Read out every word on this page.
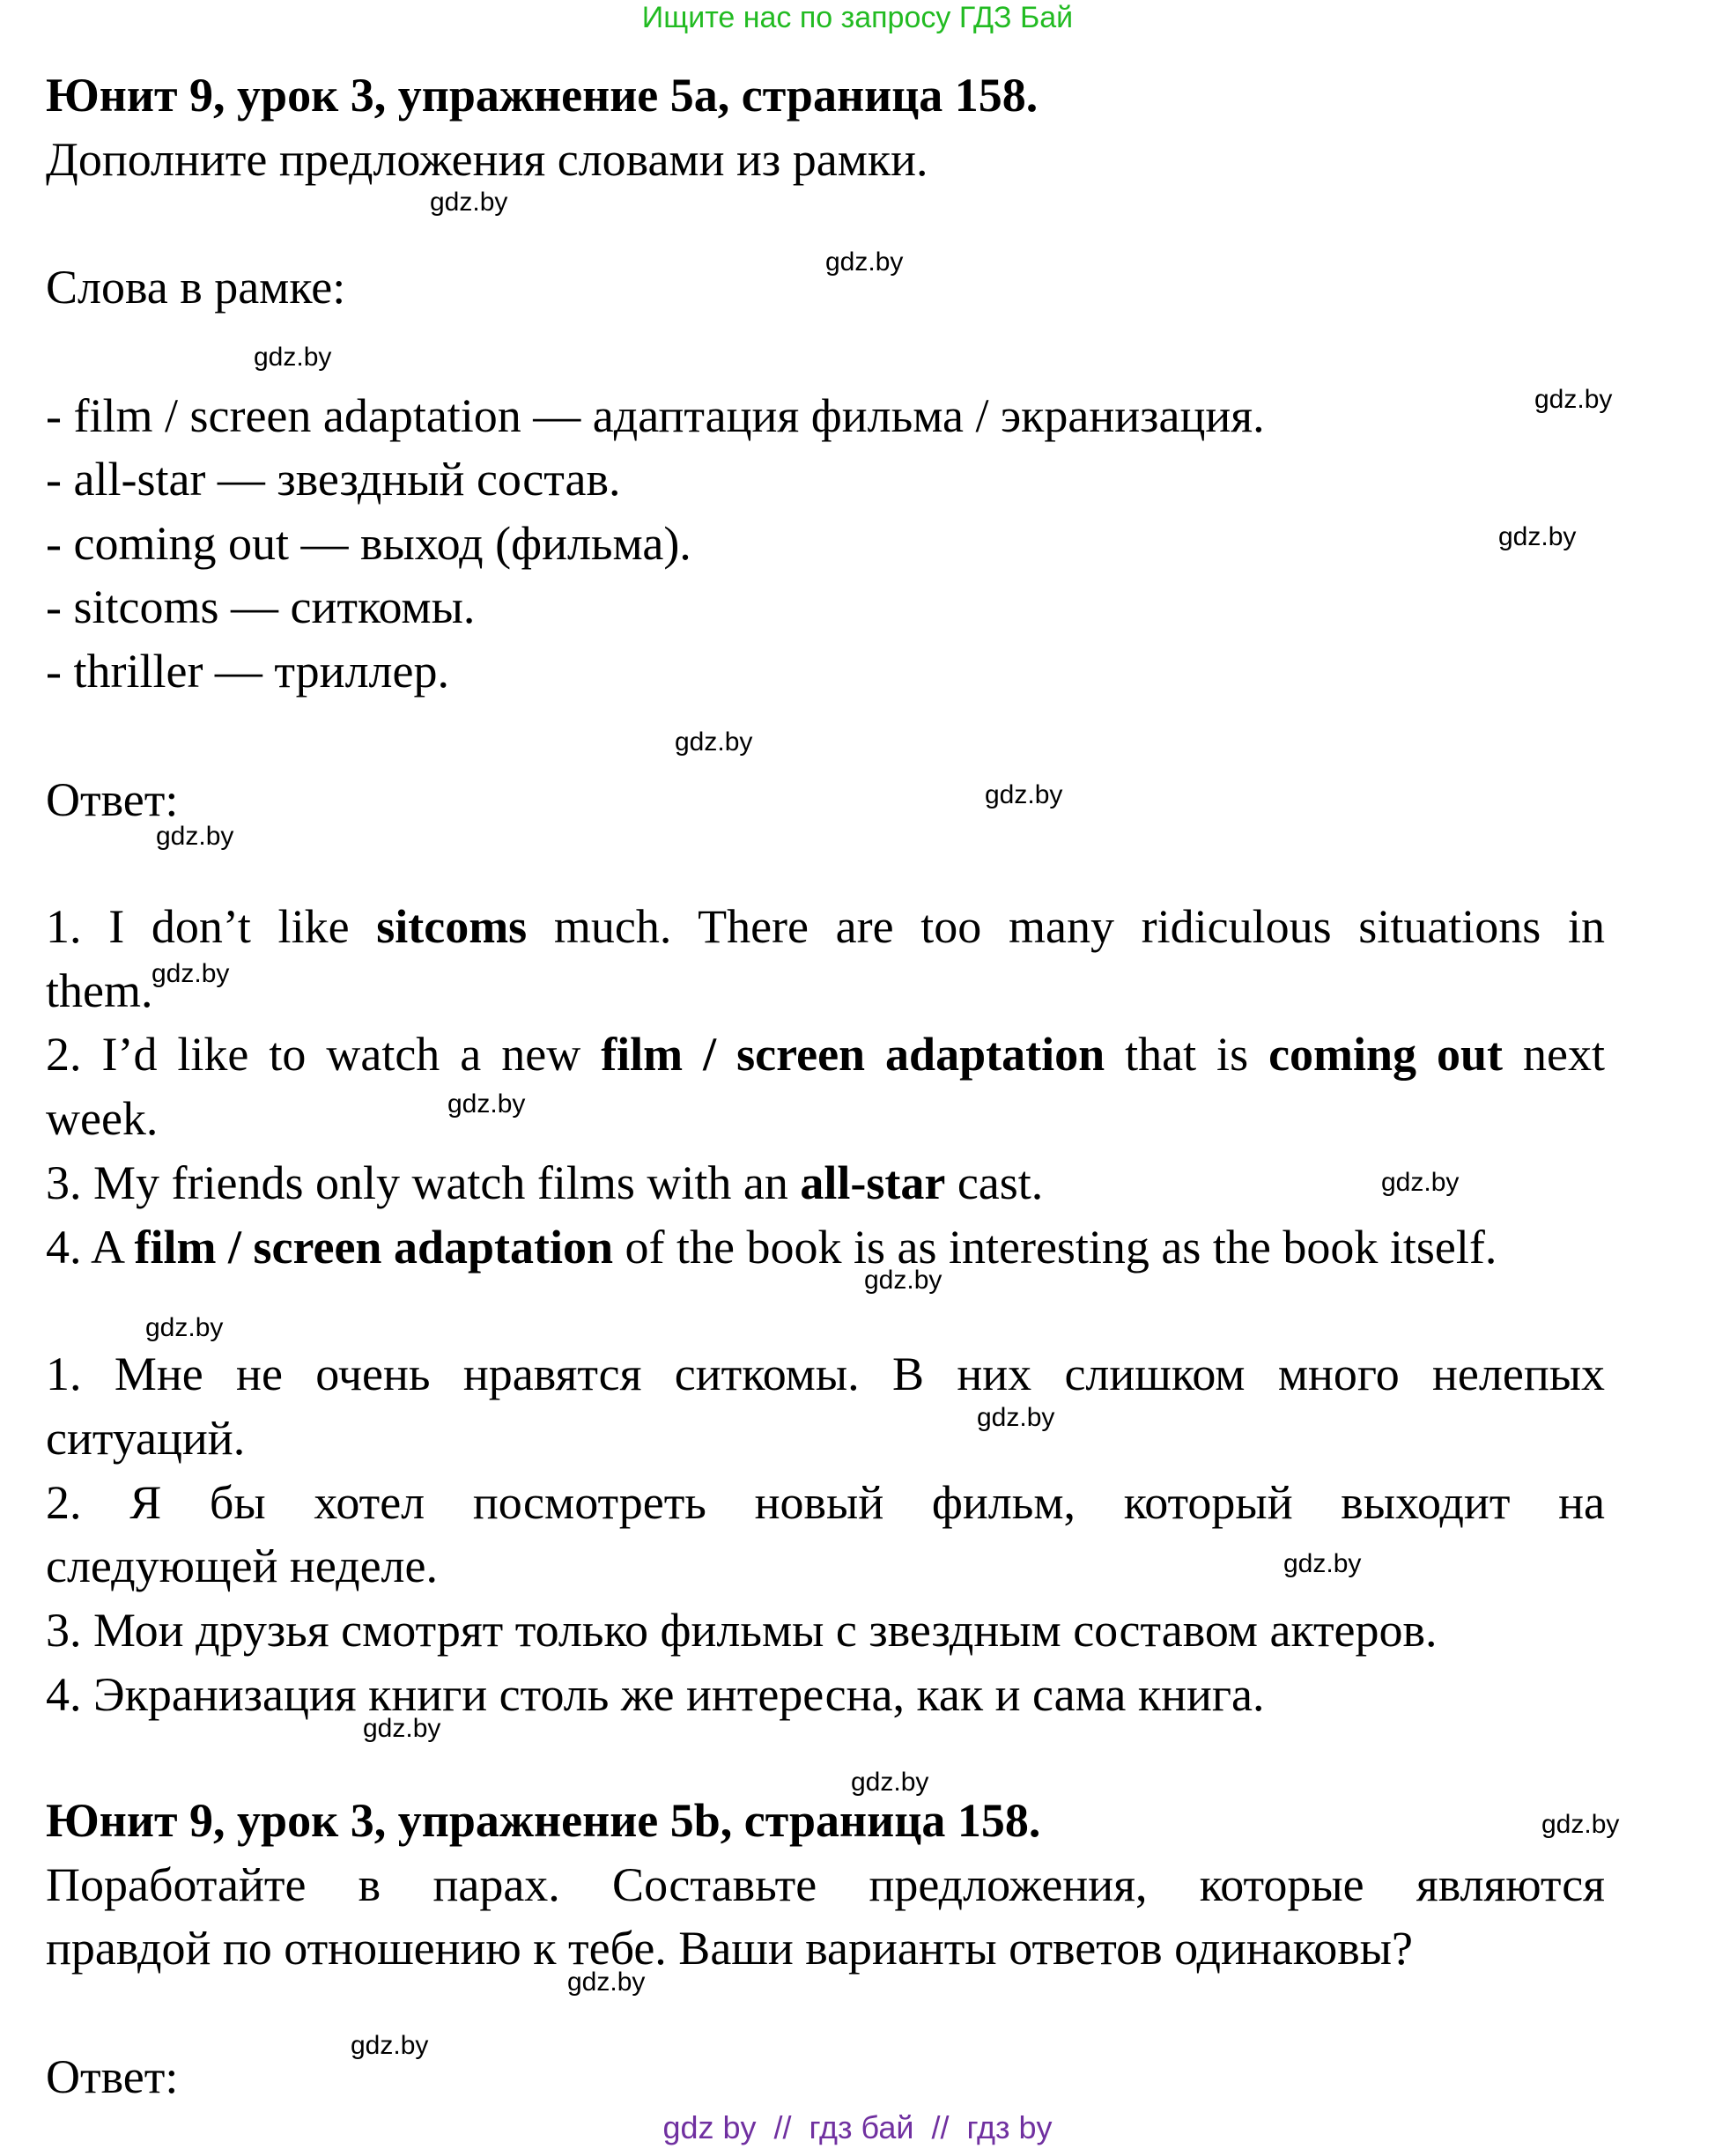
Ищите нас по запросу ГДЗ Бай
Юнит 9, урок 3, упражнение 5a, страница 158.
Дополните предложения словами из рамки.
Слова в рамке:
- film / screen adaptation — адаптация фильма / экранизация.
- all-star — звездный состав.
- coming out — выход (фильма).
- sitcoms — ситкомы.
- thriller — триллер.
Ответ:
1. I don’t like sitcoms much. There are too many ridiculous situations in
them.
2. I’d like to watch a new film / screen adaptation that is coming out next
week.
3. My friends only watch films with an all-star cast.
4. A film / screen adaptation of the book is as interesting as the book itself.
1. Мне не очень нравятся ситкомы. В них слишком много нелепых
ситуаций.
2. Я бы хотел посмотреть новый фильм, который выходит на
следующей неделе.
3. Мои друзья смотрят только фильмы с звездным составом актеров.
4. Экранизация книги столь же интересна, как и сама книга.
Юнит 9, урок 3, упражнение 5b, страница 158.
Поработайте в парах. Составьте предложения, которые являются
правдой по отношению к тебе. Ваши варианты ответов одинаковы?
Ответ:
gdz.by
gdz.by
gdz.by
gdz.by
gdz.by
gdz.by
gdz.by
gdz.by
gdz.by
gdz.by
gdz.by
gdz.by
gdz.by
gdz.by
gdz.by
gdz.by
gdz.by
gdz.by
gdz.by
gdz.by
gdz by  //  гдз бай  //  гдз by
